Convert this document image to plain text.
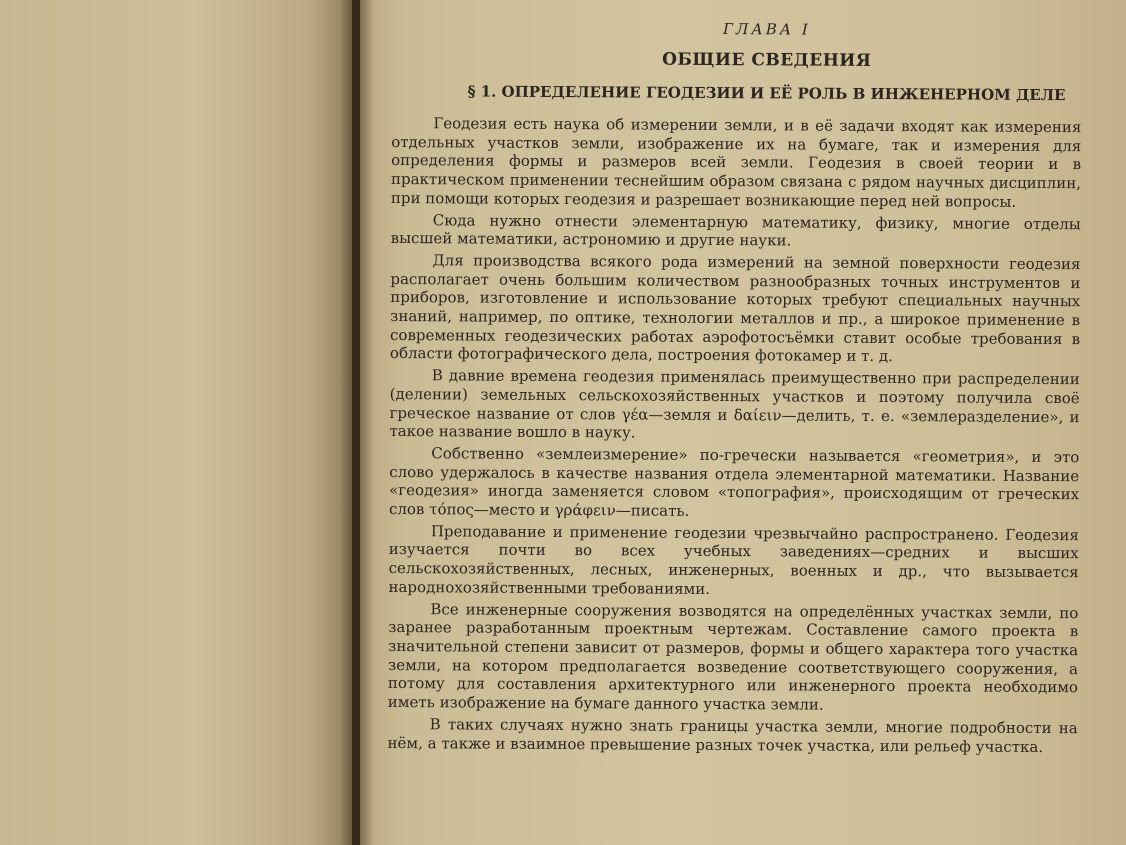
ГЛАВА I
ОБЩИЕ СВЕДЕНИЯ
§ 1. ОПРЕДЕЛЕНИЕ ГЕОДЕЗИИ И ЕЁ РОЛЬ В ИНЖЕНЕРНОМ ДЕЛЕ

Геодезия есть наука об измерении земли, и в её задачи входят как измерения отдельных участков земли, изображение их на бумаге, так и измерения для определения формы и размеров всей земли. Геодезия в своей теории и в практическом применении теснейшим образом связана с рядом научных дисциплин, при помощи которых геодезия и разрешает возникающие перед ней вопросы.

Сюда нужно отнести элементарную математику, физику, многие отделы высшей математики, астрономию и другие науки.

Для производства всякого рода измерений на земной поверхности геодезия располагает очень большим количеством разнообразных точных инструментов и приборов, изготовление и использование которых требуют специальных научных знаний, например, по оптике, технологии металлов и пр., а широкое применение в современных геодезических работах аэрофотосъёмки ставит особые требования в области фотографического дела, построения фотокамер и т. д.

В давние времена геодезия применялась преимущественно при распределении (делении) земельных сельскохозяйственных участков и поэтому получила своё греческое название от слов γέα—земля и δαίειν—делить, т. е. «землеразделение», и такое название вошло в науку.

Собственно «землеизмерение» по-гречески называется «геометрия», и это слово удержалось в качестве названия отдела элементарной математики. Название «геодезия» иногда заменяется словом «топография», происходящим от греческих слов τόπος—место и γράφειν—писать.

Преподавание и применение геодезии чрезвычайно распространено. Геодезия изучается почти во всех учебных заведениях—средних и высших сельскохозяйственных, лесных, инженерных, военных и др., что вызывается народнохозяйственными требованиями.

Все инженерные сооружения возводятся на определённых участках земли, по заранее разработанным проектным чертежам. Составление самого проекта в значительной степени зависит от размеров, формы и общего характера того участка земли, на котором предполагается возведение соответствующего сооружения, а потому для составления архитектурного или инженерного проекта необходимо иметь изображение на бумаге данного участка земли.

В таких случаях нужно знать границы участка земли, многие подробности на нём, а также и взаимное превышение разных точек участка, или рельеф участка.
